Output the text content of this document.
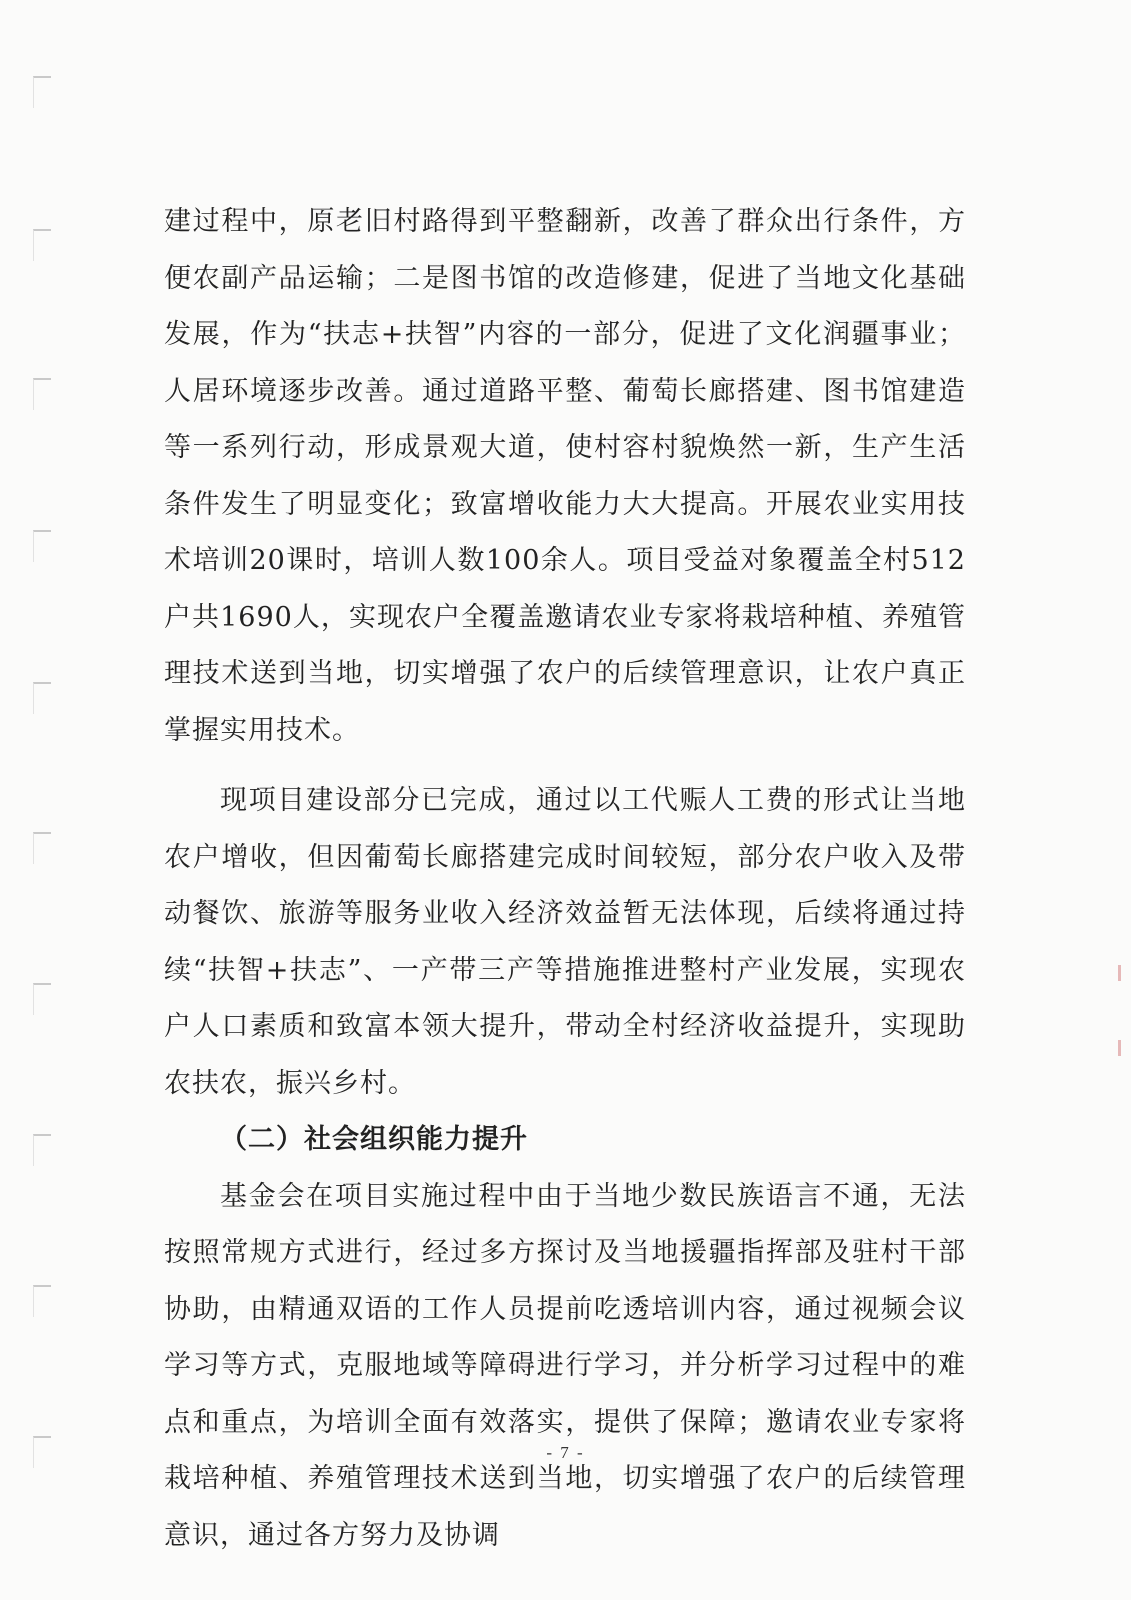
建过程中，原老旧村路得到平整翻新，改善了群众出行条件，方便农副产品运输；二是图书馆的改造修建，促进了当地文化基础发展，作为“扶志+扶智”内容的一部分，促进了文化润疆事业；人居环境逐步改善。通过道路平整、葡萄长廊搭建、图书馆建造等一系列行动，形成景观大道，使村容村貌焕然一新，生产生活条件发生了明显变化；致富增收能力大大提高。开展农业实用技术培训20课时，培训人数100余人。项目受益对象覆盖全村512户共1690人，实现农户全覆盖邀请农业专家将栽培种植、养殖管理技术送到当地，切实增强了农户的后续管理意识，让农户真正掌握实用技术。

现项目建设部分已完成，通过以工代赈人工费的形式让当地农户增收，但因葡萄长廊搭建完成时间较短，部分农户收入及带动餐饮、旅游等服务业收入经济效益暂无法体现，后续将通过持续“扶智+扶志”、一产带三产等措施推进整村产业发展，实现农户人口素质和致富本领大提升，带动全村经济收益提升，实现助农扶农，振兴乡村。

（二）社会组织能力提升

基金会在项目实施过程中由于当地少数民族语言不通，无法按照常规方式进行，经过多方探讨及当地援疆指挥部及驻村干部协助，由精通双语的工作人员提前吃透培训内容，通过视频会议学习等方式，克服地域等障碍进行学习，并分析学习过程中的难点和重点，为培训全面有效落实，提供了保障；邀请农业专家将栽培种植、养殖管理技术送到当地，切实增强了农户的后续管理意识，通过各方努力及协调

- 7 -
